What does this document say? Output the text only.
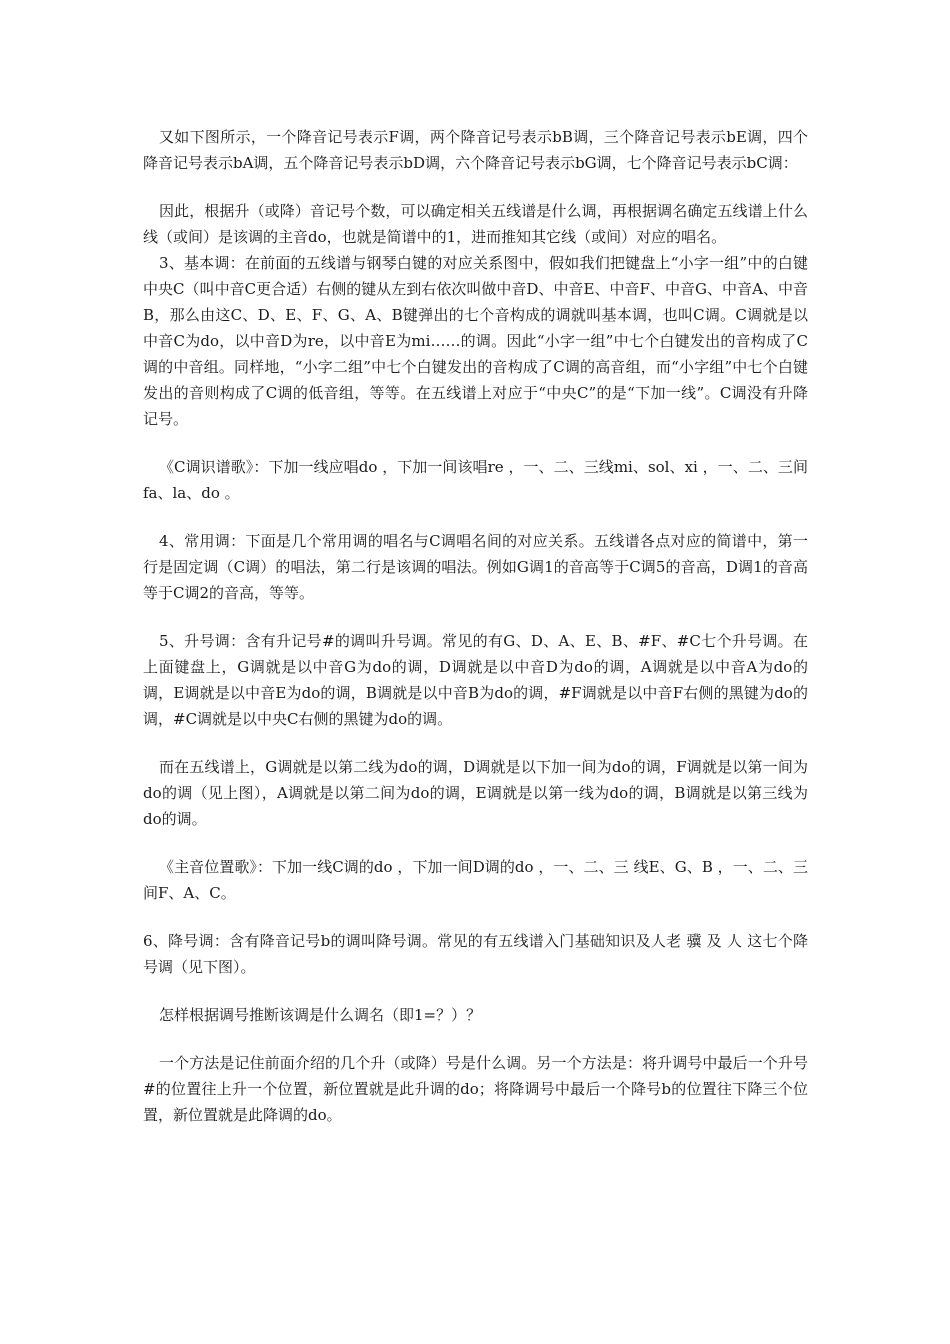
又如下图所示，一个降音记号表示F调，两个降音记号表示bB调，三个降音记号表示bE调，四个降音记号表示bA调，五个降音记号表示bD调，六个降音记号表示bG调，七个降音记号表示bC调：

因此，根据升（或降）音记号个数，可以确定相关五线谱是什么调，再根据调名确定五线谱上什么线（或间）是该调的主音do，也就是简谱中的1，进而推知其它线（或间）对应的唱名。

3、基本调：在前面的五线谱与钢琴白键的对应关系图中，假如我们把键盘上“小字一组”中的白键中央C（叫中音C更合适）右侧的键从左到右依次叫做中音D、中音E、中音F、中音G、中音A、中音B，那么由这C、D、E、F、G、A、B键弹出的七个音构成的调就叫基本调，也叫C调。C调就是以中音C为do，以中音D为re，以中音E为mi……的调。因此“小字一组”中七个白键发出的音构成了C调的中音组。同样地，“小字二组”中七个白键发出的音构成了C调的高音组，而“小字组”中七个白键发出的音则构成了C调的低音组，等等。在五线谱上对应于“中央C”的是“下加一线”。C调没有升降记号。

《C调识谱歌》：下加一线应唱do ，下加一间该唱re ，一、二、三线mi、sol、xi ，一、二、三间fa、la、do 。

4、常用调：下面是几个常用调的唱名与C调唱名间的对应关系。五线谱各点对应的简谱中，第一行是固定调（C调）的唱法，第二行是该调的唱法。例如G调1的音高等于C调5的音高，D调1的音高等于C调2的音高，等等。

5、升号调：含有升记号#的调叫升号调。常见的有G、D、A、E、B、#F、#C七个升号调。在上面键盘上，G调就是以中音G为do的调，D调就是以中音D为do的调，A调就是以中音A为do的调，E调就是以中音E为do的调，B调就是以中音B为do的调，#F调就是以中音F右侧的黑键为do的调，#C调就是以中央C右侧的黑键为do的调。

而在五线谱上，G调就是以第二线为do的调，D调就是以下加一间为do的调，F调就是以第一间为do的调（见上图），A调就是以第二间为do的调，E调就是以第一线为do的调，B调就是以第三线为do的调。

《主音位置歌》：下加一线C调的do ，下加一间D调的do ，一、二、三 线E、G、B ，一、二、三间F、A、C。

6、降号调：含有降音记号b的调叫降号调。常见的有五线谱入门基础知识及人老 骥 及 人 这七个降号调（见下图）。

怎样根据调号推断该调是什么调名（即1=？）？

一个方法是记住前面介绍的几个升（或降）号是什么调。另一个方法是：将升调号中最后一个升号#的位置往上升一个位置，新位置就是此升调的do；将降调号中最后一个降号b的位置往下降三个位置，新位置就是此降调的do。
